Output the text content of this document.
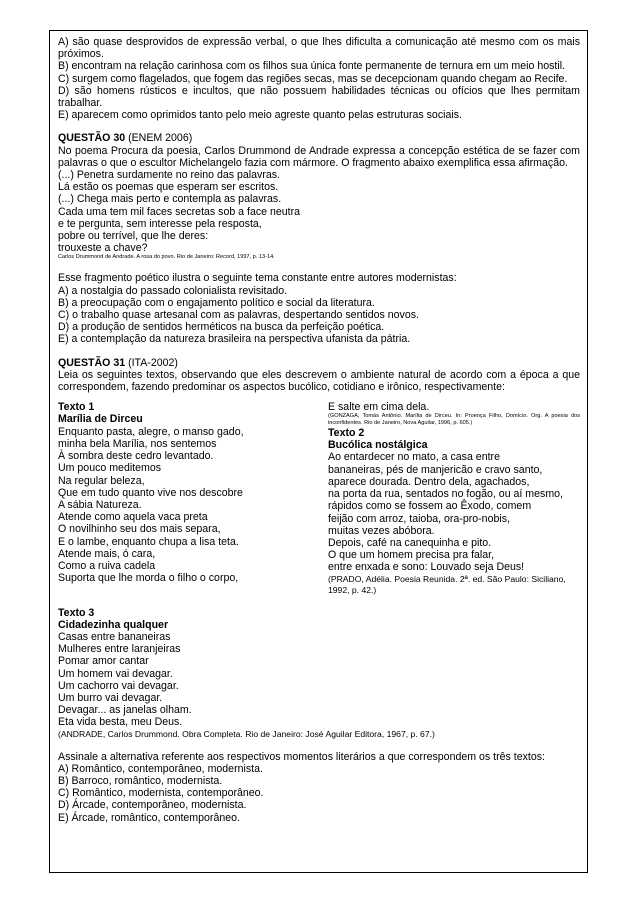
A) são quase desprovidos de expressão verbal, o que lhes dificulta a comunicação até mesmo com os mais próximos.

B) encontram na relação carinhosa com os filhos sua única fonte permanente de ternura em um meio hostil.

C) surgem como flagelados, que fogem das regiões secas, mas se decepcionam quando chegam ao Recife.

D) são homens rústicos e incultos, que não possuem habilidades técnicas ou ofícios que lhes permitam trabalhar.

E) aparecem como oprimidos tanto pelo meio agreste quanto pelas estruturas sociais.

QUESTÃO 30 (ENEM 2006)

No poema Procura da poesia, Carlos Drummond de Andrade expressa a concepção estética de se fazer com palavras o que o escultor Michelangelo fazia com mármore. O fragmento abaixo exemplifica essa afirmação.

(...) Penetra surdamente no reino das palavras.

Lá estão os poemas que esperam ser escritos.

(...) Chega mais perto e contempla as palavras.

Cada uma tem mil faces secretas sob a face neutra

e te pergunta, sem interesse pela resposta,

pobre ou terrível, que lhe deres:

trouxeste a chave?

Carlos Drummond de Andrade. A rosa do povo. Rio de Janeiro: Record, 1997, p. 13-14.

Esse fragmento poético ilustra o seguinte tema constante entre autores modernistas:

A) a nostalgia do passado colonialista revisitado.

B) a preocupação com o engajamento político e social da literatura.

C) o trabalho quase artesanal com as palavras, despertando sentidos novos.

D) a produção de sentidos herméticos na busca da perfeição poética.

E) a contemplação da natureza brasileira na perspectiva ufanista da pátria.

QUESTÃO 31 (ITA-2002)

Leia os seguintes textos, observando que eles descrevem o ambiente natural de acordo com a época a que correspondem, fazendo predominar os aspectos bucólico, cotidiano e irônico, respectivamente:

Texto 1

Marília de Dirceu

Enquanto pasta, alegre, o manso gado,

minha bela Marília, nos sentemos

À sombra deste cedro levantado.

Um pouco meditemos

Na regular beleza,

Que em tudo quanto vive nos descobre

A sábia Natureza.

Atende como aquela vaca preta

O novilhinho seu dos mais separa,

E o lambe, enquanto chupa a lisa teta.

Atende mais, ó cara,

Como a ruiva cadela

Suporta que lhe morda o filho o corpo,

E salte em cima dela.

(GONZAGA, Tomás Antônio. Marília de Dirceu. In: Proença Filho, Domício. Org. A poesia dos inconfidentes. Rio de Janeiro, Nova Aguilar, 1996, p. 605.)

Texto 2

Bucólica nostálgica

Ao entardecer no mato, a casa entre

bananeiras, pés de manjericão e cravo santo,

aparece dourada. Dentro dela, agachados,

na porta da rua, sentados no fogão, ou aí mesmo,

rápidos como se fossem ao Êxodo, comem

feijão com arroz, taioba, ora-pro-nobis,

muitas vezes abóbora.

Depois, café na canequinha e pito.

O que um homem precisa pra falar,

entre enxada e sono: Louvado seja Deus!

(PRADO, Adélia. Poesia Reunida. 2ª. ed. São Paulo: Siciliano, 1992, p. 42.)

Texto 3

Cidadezinha qualquer

Casas entre bananeiras

Mulheres entre laranjeiras

Pomar amor cantar

Um homem vai devagar.

Um cachorro vai devagar.

Um burro vai devagar.

Devagar... as janelas olham.

Eta vida besta, meu Deus.

(ANDRADE, Carlos Drummond. Obra Completa. Rio de Janeiro: José Aguilar Editora, 1967, p. 67.)

Assinale a alternativa referente aos respectivos momentos literários a que correspondem os três textos:

A) Romântico, contemporâneo, modernista.

B) Barroco, romântico, modernista.

C) Romântico, modernista, contemporâneo.

D) Árcade, contemporâneo, modernista.

E) Árcade, romântico, contemporâneo.
